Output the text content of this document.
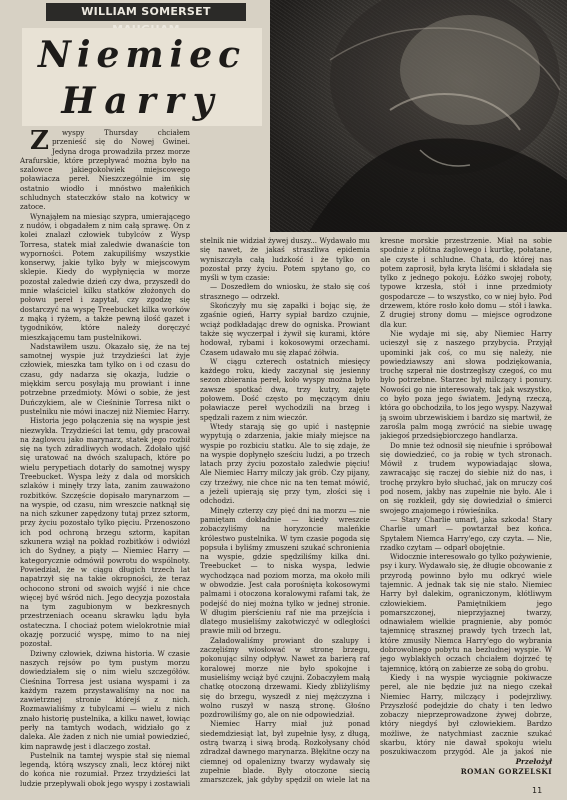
WILLIAM SOMERSET
Niemiec
Harry

Z wyspy Thursday chciałem przenieść się do Nowej Gwinei. Jedyna droga prowadziła przez morze Arafurskie, które przepływać można było na szalowce jakiegokolwiek miejscowego poławiacza pereł. Nieszczególnie im się ostatnio wiodło i mnóstwo małeńkich schludnych stateczków stało na kotwicy w zatoce.

Wynająłem na miesiąc szypra, umierającego z nudów, i obgadałem z nim całą sprawę. On z kolei znalazł człowiek tubylców z Wysp Torresa, statek miał zaledwie dwanaście ton wyporności. Potem zakupiliśmy wszystkie konserwy, jakie tylko były w miejscowym sklepie. Kiedy do wypłynięcia w morze pozostał zaledwie dzień czy dwa, przyszedł do mnie właściciel kilku statków złożonych do połowu pereł i zapytał, czy zgodzę się dostarczyć na wyspę Treebucket kilka worków z mąką i ryżem, a także pewną ilość gazet i tygodników, które należy doręczyć mieszkającemu tam pustelnikowi.

Nadstawiłem uszu. Okazało się, że na tej samotnej wyspie już trzydzieści lat żyje człowiek, mieszka tam tylko on i od czasu do czasu, gdy nadarza się okazja, ludzie o miękkim sercu posyłają mu prowiant i inne potrzebne przedmioty. Mówi o sobie, że jest Duńczykiem, ale w Cieśninie Torresa nikt o pustelniku nie mówi inaczej niż Niemiec Harry.

Historia jego połączenia się na wyspie jest niezwykła. Trzydzieści lat temu, gdy pracował na żaglowcu jako marynarz, statek jego rozbił się na tych zdradliwych wodach. Zdołało ujść się uratować na dwóch szalupach, które po wielu perypetiach dotarły do samotnej wyspy Treebucket. Wyspa leży z dala od morskich szlaków i minęły trzy lata, zanim zauważono rozbitków. Szczęście dopisało marynarzom — na wyspie, od czasu, nim wreszcie natknął się na nich szkuner zapędzony tutaj przez sztorm, przy życiu pozostało tylko pięciu. Przenoszono ich pod ochroną brzegu sztorm, kapitan szkunera wziął na pokład rozbitków i odwiózł ich do Sydney, a piąty — Niemiec Harry — kategorycznie odmówił powrotu do wspólnoty. Powiedział, że w ciągu długich trzech lat napatrzył się na takie okropności, że teraz ochocono stroni od swoich wyjść i nie chce więcej być wśród nich. Jego decyzja pozostała na tym zagubionym w bezkresnych przestrzeniach oceanu skrawku lądu była ostateczna. I chociaż potem wielokrotnie miał okazję porzucić wyspę, mimo to na niej pozostał.

Dziwny człowiek, dziwna historia. W czasie naszych rejsów po tym pustym morzu dowiedziałem się o nim wielu szczegółów. Cieśnina Torresa jest usiana wyspami i za każdym razem przystawaliśmy na noc na zawietrznej stronie którejś z nich. Rozmawialiśmy z tubylcami — wielu z nich znało historię pustelnika, a kilku nawet, łowiąc perły na tamtych wodach, widziało go z daleka. Ale żaden z nich nie umiał powiedzieć, kim naprawdę jest i dlaczego został.

Pustelnik na tamtej wyspie stał się niemal legendą, którą wszyscy znali, lecz której nikt do końca nie rozumiał. Przez trzydzieści lat ludzie przepływali obok jego wyspy i zostawiali

stelnik nie widział żywej duszy... Wydawało mu się nawet, że jakaś straszliwa epidemia wyniszczyła całą ludzkość i że tylko on pozostał przy życiu. Potem spytano go, co myśli w tym czasie:

— Doszedłem do wniosku, że stało się coś strasznego — odrzekł.

Skończyły mu się zapałki i bojąc się, że zgaśnie ogień, Harry sypiał bardzo czujnie, wciąż podkładając drew do ogniska. Prowiant także się wyczerpał i żywił się kurami, które hodował, rybami i kokosowymi orzechami. Czasem udawało mu się złapać żółwia.

W ciągu czterech ostatnich miesięcy każdego roku, kiedy zaczynał się jesienny sezon zbierania pereł, koło wyspy można było zawsze spotkać dwa, trzy kutry, zajęte połowem. Dość często po męczącym dniu poławiacze pereł wychodzili na brzeg i spędzali razem z nim wieczór.

Wtedy starają się go upić i następnie wypytują o zdarzenia, jakie miały miejsce na wyspie po rozbiciu statku. Ale to się zdaje, że na wyspie dopłynęło sześciu ludzi, a po trzech latach przy życiu pozostało zaledwie pięciu! Ale Niemiec Harry milczy jak grób. Czy pijany, czy trzeźwy, nie chce nic na ten temat mówić, a jeżeli upierają się przy tym, złości się i odchodzi.

Minęły czterzy czy pięć dni na morzu — nie pamiętam dokładnie — kiedy wreszcie zobaczyliśmy na horyzoncie maleńkie królestwo pustelnika. W tym czasie pogoda się popsuła i byliśmy zmuszeni szukać schronienia na wyspie, gdzie spędziliśmy kilka dni. Treebucket — to niska wyspa, ledwie wychodząca nad poziom morza, ma około mili w obwodzie. Jest cała porośnięta kokosowymi palmami i otoczona koralowymi rafami tak, że podejść do niej można tylko w jednej stronie. W długim pierścieniu raf nie ma przejścia i dlatego musieliśmy zakotwiczyć w odległości prawie mili od brzegu.

Załadowaliśmy prowiant do szalupy i zaczęliśmy wiosłować w stronę brzegu, pokonując silny odpływ. Nawet za barierą raf koralowej morze nie było spokojne i musieliśmy wciąż być czujni. Zobaczyłem małą chatkę otoczoną drzewami. Kiedy zbliżyliśmy się do brzegu, wyszedł z niej mężczyzna i wolno ruszył w naszą stronę. Głośno pozdrowiliśmy go, ale on nie odpowiedział.

Niemiec Harry miał już ponad siedemdziesiąt lat, był zupełnie łysy, z długą, ostrą twarzą i siwą brodą. Rozkołysany chód zdradzał dawnego marynarza. Błękitne oczy na ciemnej od opalenizny twarzy wydawały się zupełnie blade. Były otoczone siecią zmarszczek, jak gdyby spędził on wiele lat na

kresne morskie przestrzenie. Miał na sobie spodnie z płótna żaglowego i kurtkę, połatane, ale czyste i schludne. Chata, do której nas potem zaprosił, była kryta liśćmi i składała się tylko z jednego pokoju. Łóżko swojej roboty, typowe krzesła, stół i inne przedmioty gospodarcze — to wszystko, co w niej było. Pod drzewem, które rosło koło domu — stół i ławka. Z drugiej strony domu — miejsce ogrodzone dla kur.

Nie wydaje mi się, aby Niemiec Harry ucieszył się z naszego przybycia. Przyjął upominki jak coś, co mu się należy, nie powiedziawszy ani słowa podziękowania, trochę szperał nie dostrzegłszy czegoś, co mu było potrzebne. Starzec był milczący i ponury. Nowości go nie interesowały, tak jak wszystko, co było poza jego światem. Jedyną rzeczą, która go obchodziła, to los jego wyspy. Nazywał ją swoim ubrzewiskiem i bardzo się martwił, że zarośla palm mogą zwrócić na siebie uwagę jakiegoś przedsiębiorczego handlarza.

Do mnie też odnosił się nieufnie i spróbował się dowiedzieć, co ja robię w tych stronach. Mówił z trudem wypowiadając słowa, zawracając się raczej do siebie niż do nas, i trochę przykro było słuchać, jak on mruczy coś pod nosem, jakby nas zupełnie nie było. Ale i on się rozkleił, gdy się dowiedział o śmierci swojego znajomego i rówieśnika.

— Stary Charlie umarł, jaka szkoda! Stary Charlie umarł — powtarzał bez końca. Spytałem Niemca Harry'ego, czy czyta. — Nie, rzadko czytam — odparł obojętnie.

Widocznie interesowało go tylko pożywienie, psy i kury. Wydawało się, że długie obcowanie z przyrodą powinno było mu odkryć wiele tajemnic. A jednak tak się nie stało. Niemiec Harry był dalekim, ograniczonym, kłótliwym człowiekiem. Pamiętnikiem jego pomarszczonej, nieprzyjaznej twarzy, odnawiałem wielkie pragnienie, aby pomóc tajemnicę strasznej prawdy tych trzech lat, które zmusiły Niemca Harry'ego do wybrania dobrowolnego pobytu na bezludnej wyspie. W jego wyblakłych oczach chciałem dojrzeć tę tajemnicę, którą on zabierze ze sobą do grobu.

Kiedy i na wyspie wyciągnie pokiwacze perel, ale nie będzie już na niego czekał Niemiec Harry, milczący i podejrzliwy. Przyszłość podejdzie do chaty i ten ledwo zobaczy nieprzeprowadzone żywej dobrze, który niegdyś był człowiekiem. Bardzo możliwe, że natychmiast zacznie szukać skarbu, który nie dawał spokoju wielu poszukiwaczom przygód. Ale ja jakoś nie

Przełożył
ROMAN GORZELSKI
11
